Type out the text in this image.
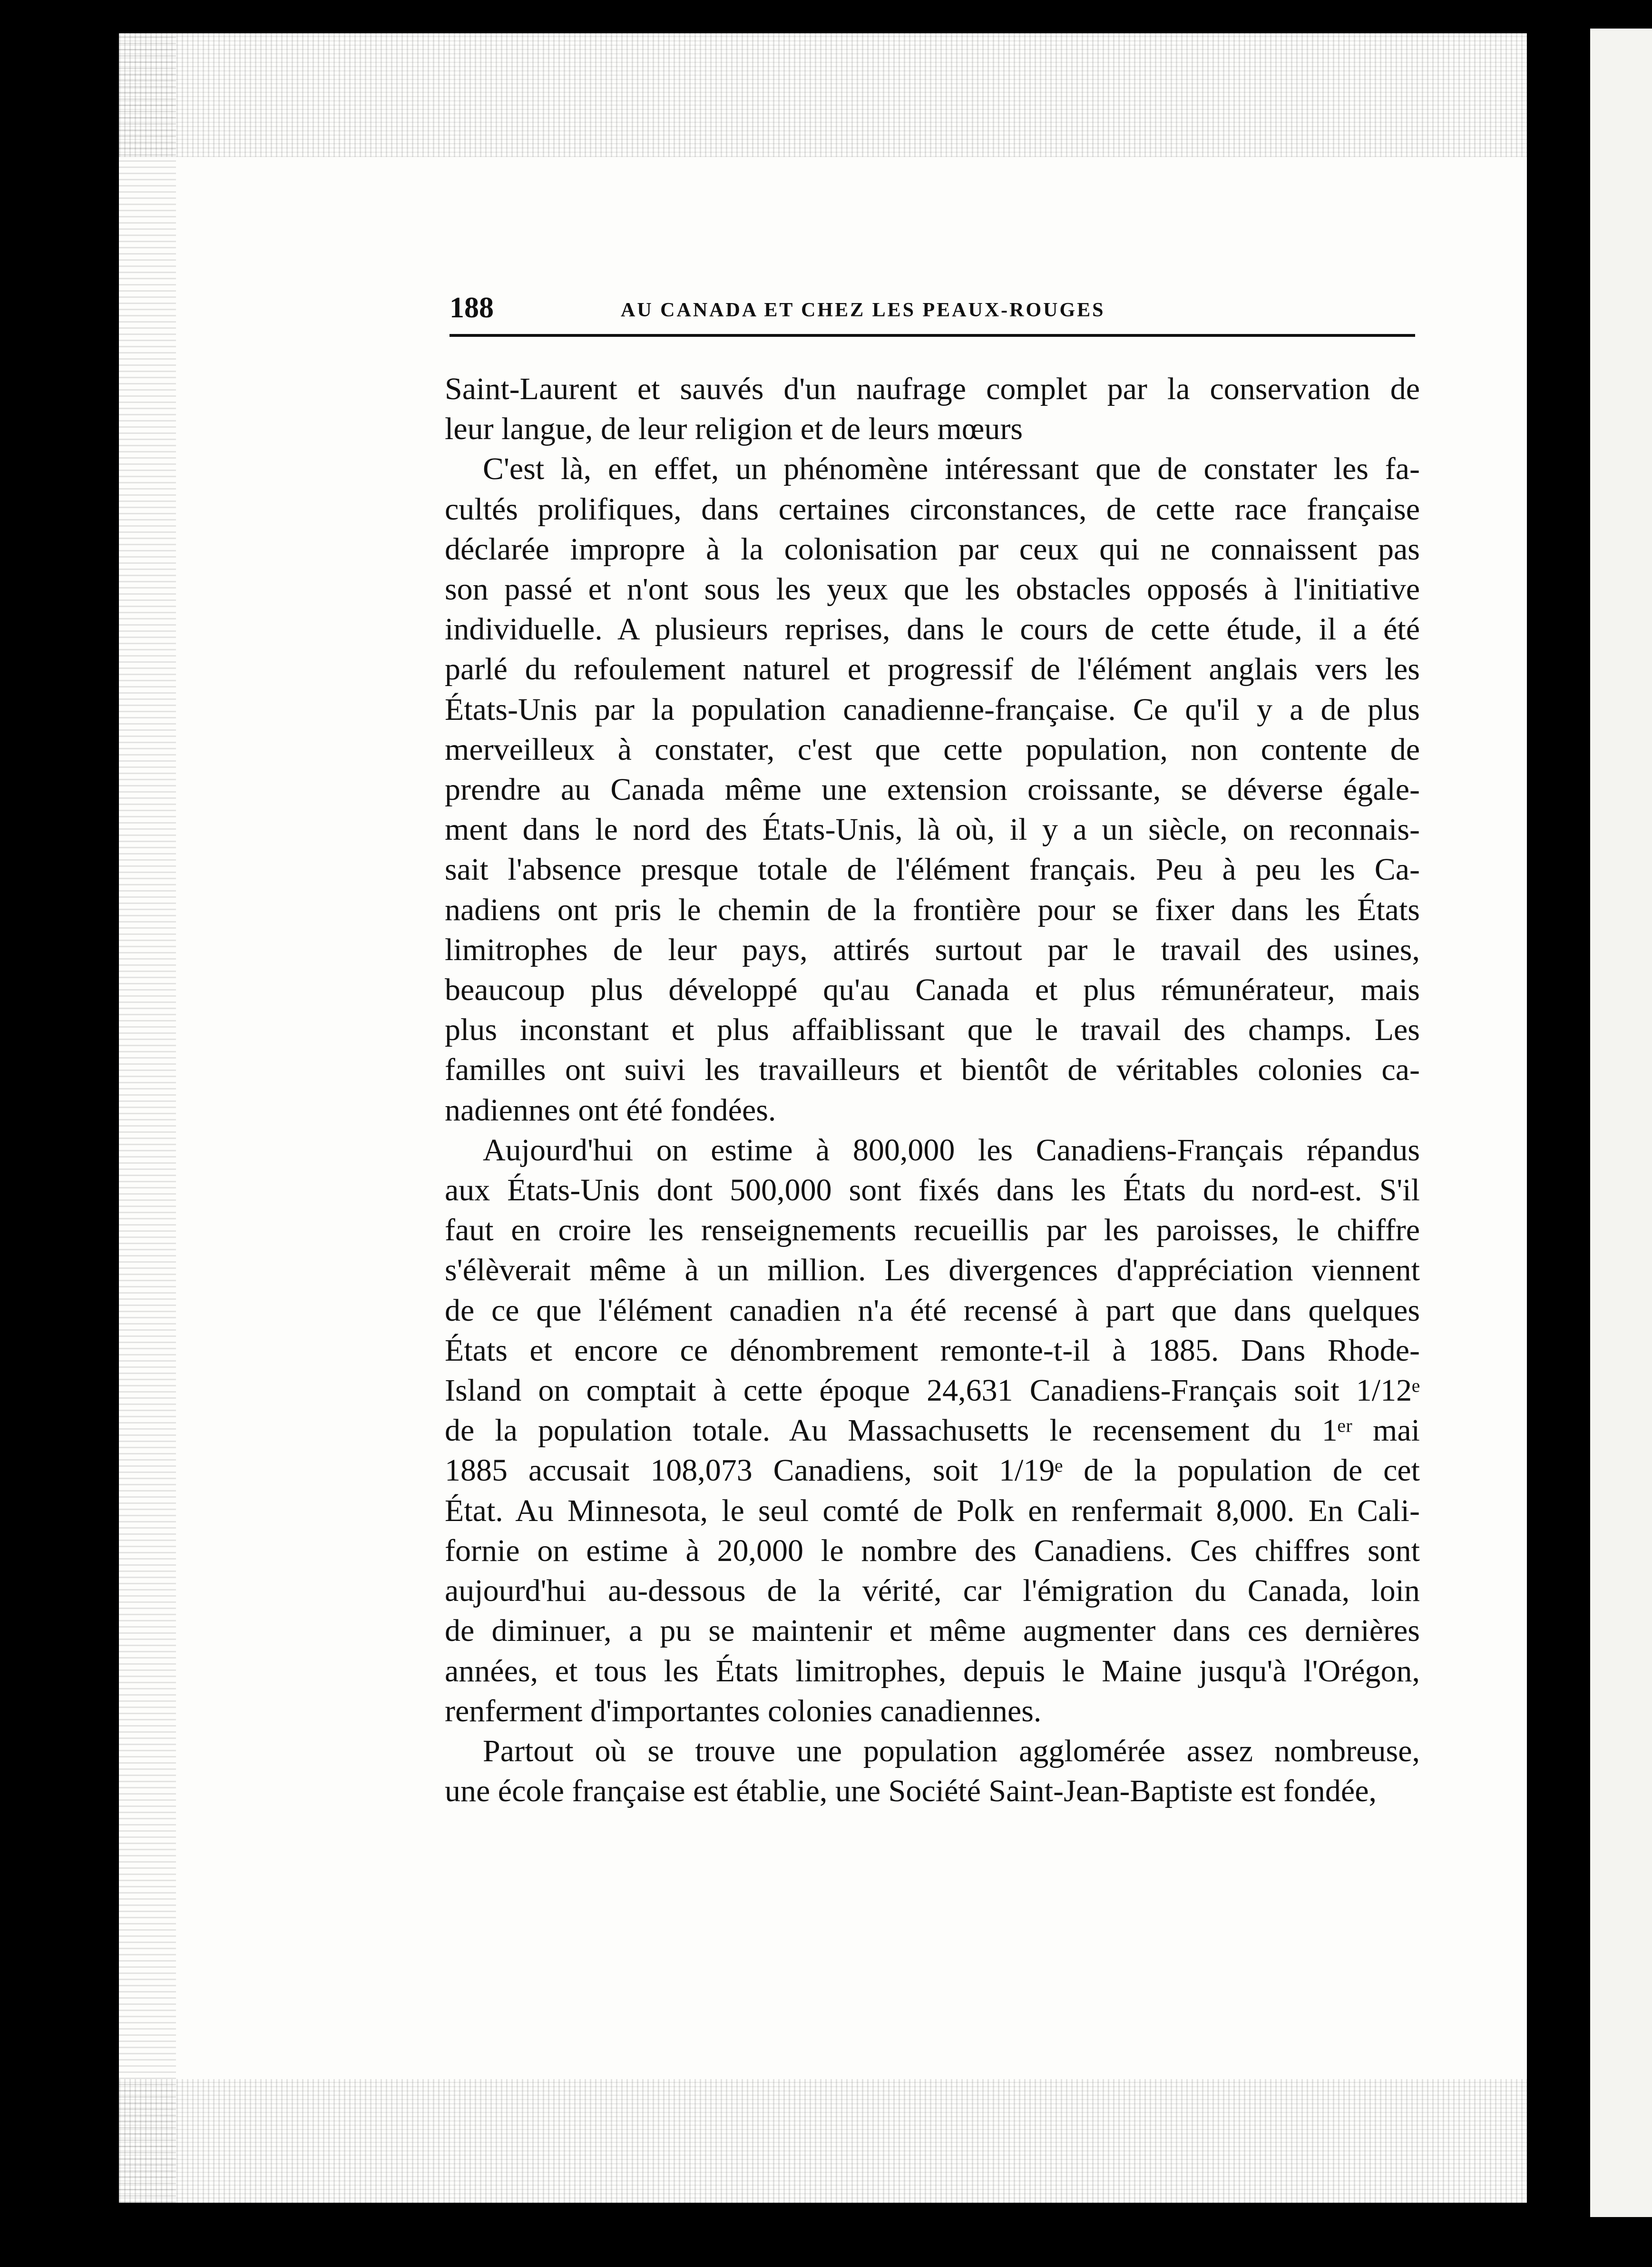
188	AU CANADA ET CHEZ LES PEAUX-ROUGES
Saint-Laurent et sauvés d'un naufrage complet par la conservation de
leur langue, de leur religion et de leurs mœurs
C'est là, en effet, un phénomène intéressant que de constater les fa-
cultés prolifiques, dans certaines circonstances, de cette race française
déclarée impropre à la colonisation par ceux qui ne connaissent pas
son passé et n'ont sous les yeux que les obstacles opposés à l'initiative
individuelle. A plusieurs reprises, dans le cours de cette étude, il a été
parlé du refoulement naturel et progressif de l'élément anglais vers les
États-Unis par la population canadienne-française. Ce qu'il y a de plus
merveilleux à constater, c'est que cette population, non contente de
prendre au Canada même une extension croissante, se déverse égale-
ment dans le nord des États-Unis, là où, il y a un siècle, on reconnais-
sait l'absence presque totale de l'élément français. Peu à peu les Ca-
nadiens ont pris le chemin de la frontière pour se fixer dans les États
limitrophes de leur pays, attirés surtout par le travail des usines,
beaucoup plus développé qu'au Canada et plus rémunérateur, mais
plus inconstant et plus affaiblissant que le travail des champs. Les
familles ont suivi les travailleurs et bientôt de véritables colonies ca-
nadiennes ont été fondées.
Aujourd'hui on estime à 800,000 les Canadiens-Français répandus
aux États-Unis dont 500,000 sont fixés dans les États du nord-est. S'il
faut en croire les renseignements recueillis par les paroisses, le chiffre
s'élèverait même à un million. Les divergences d'appréciation viennent
de ce que l'élément canadien n'a été recensé à part que dans quelques
États et encore ce dénombrement remonte-t-il à 1885. Dans Rhode-
Island on comptait à cette époque 24,631 Canadiens-Français soit 1/12ᵉ
de la population totale. Au Massachusetts le recensement du 1ᵉʳ mai
1885 accusait 108,073 Canadiens, soit 1/19ᵉ de la population de cet
État. Au Minnesota, le seul comté de Polk en renfermait 8,000. En Cali-
fornie on estime à 20,000 le nombre des Canadiens. Ces chiffres sont
aujourd'hui au-dessous de la vérité, car l'émigration du Canada, loin
de diminuer, a pu se maintenir et même augmenter dans ces dernières
années, et tous les États limitrophes, depuis le Maine jusqu'à l'Orégon,
renferment d'importantes colonies canadiennes.
Partout où se trouve une population agglomérée assez nombreuse,
une école française est établie, une Société Saint-Jean-Baptiste est fondée,
